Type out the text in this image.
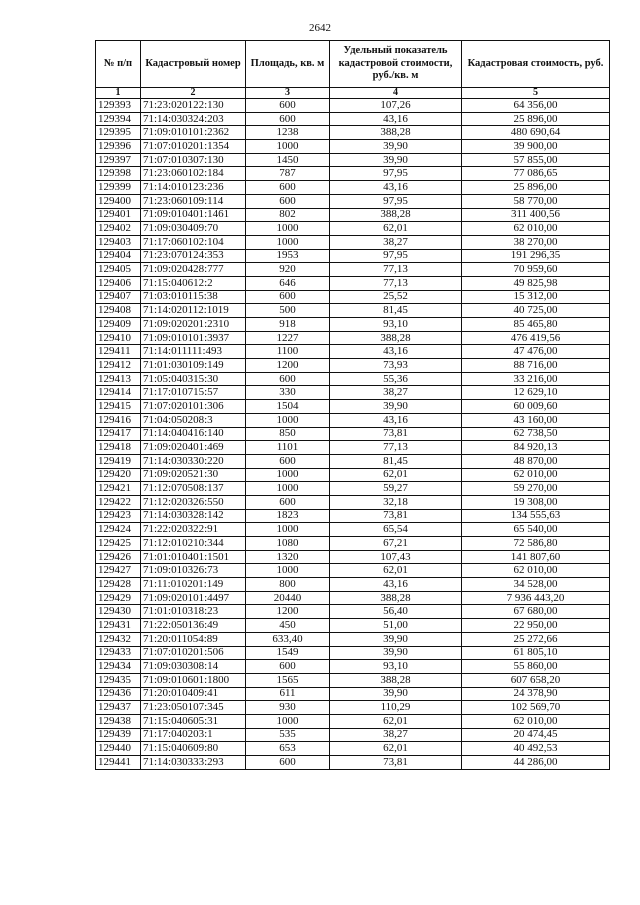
2642
№ п/п	Кадастровый номер	Площадь, кв. м	Удельный показатель кадастровой стоимости, руб./кв. м	Кадастровая стоимость, руб.
1	2	3	4	5
129393	71:23:020122:130	600	107,26	64 356,00
129394	71:14:030324:203	600	43,16	25 896,00
129395	71:09:010101:2362	1238	388,28	480 690,64
129396	71:07:010201:1354	1000	39,90	39 900,00
129397	71:07:010307:130	1450	39,90	57 855,00
129398	71:23:060102:184	787	97,95	77 086,65
129399	71:14:010123:236	600	43,16	25 896,00
129400	71:23:060109:114	600	97,95	58 770,00
129401	71:09:010401:1461	802	388,28	311 400,56
129402	71:09:030409:70	1000	62,01	62 010,00
129403	71:17:060102:104	1000	38,27	38 270,00
129404	71:23:070124:353	1953	97,95	191 296,35
129405	71:09:020428:777	920	77,13	70 959,60
129406	71:15:040612:2	646	77,13	49 825,98
129407	71:03:010115:38	600	25,52	15 312,00
129408	71:14:020112:1019	500	81,45	40 725,00
129409	71:09:020201:2310	918	93,10	85 465,80
129410	71:09:010101:3937	1227	388,28	476 419,56
129411	71:14:011111:493	1100	43,16	47 476,00
129412	71:01:030109:149	1200	73,93	88 716,00
129413	71:05:040315:30	600	55,36	33 216,00
129414	71:17:010715:57	330	38,27	12 629,10
129415	71:07:020101:306	1504	39,90	60 009,60
129416	71:04:050208:3	1000	43,16	43 160,00
129417	71:14:040416:140	850	73,81	62 738,50
129418	71:09:020401:469	1101	77,13	84 920,13
129419	71:14:030330:220	600	81,45	48 870,00
129420	71:09:020521:30	1000	62,01	62 010,00
129421	71:12:070508:137	1000	59,27	59 270,00
129422	71:12:020326:550	600	32,18	19 308,00
129423	71:14:030328:142	1823	73,81	134 555,63
129424	71:22:020322:91	1000	65,54	65 540,00
129425	71:12:010210:344	1080	67,21	72 586,80
129426	71:01:010401:1501	1320	107,43	141 807,60
129427	71:09:010326:73	1000	62,01	62 010,00
129428	71:11:010201:149	800	43,16	34 528,00
129429	71:09:020101:4497	20440	388,28	7 936 443,20
129430	71:01:010318:23	1200	56,40	67 680,00
129431	71:22:050136:49	450	51,00	22 950,00
129432	71:20:011054:89	633,40	39,90	25 272,66
129433	71:07:010201:506	1549	39,90	61 805,10
129434	71:09:030308:14	600	93,10	55 860,00
129435	71:09:010601:1800	1565	388,28	607 658,20
129436	71:20:010409:41	611	39,90	24 378,90
129437	71:23:050107:345	930	110,29	102 569,70
129438	71:15:040605:31	1000	62,01	62 010,00
129439	71:17:040203:1	535	38,27	20 474,45
129440	71:15:040609:80	653	62,01	40 492,53
129441	71:14:030333:293	600	73,81	44 286,00
